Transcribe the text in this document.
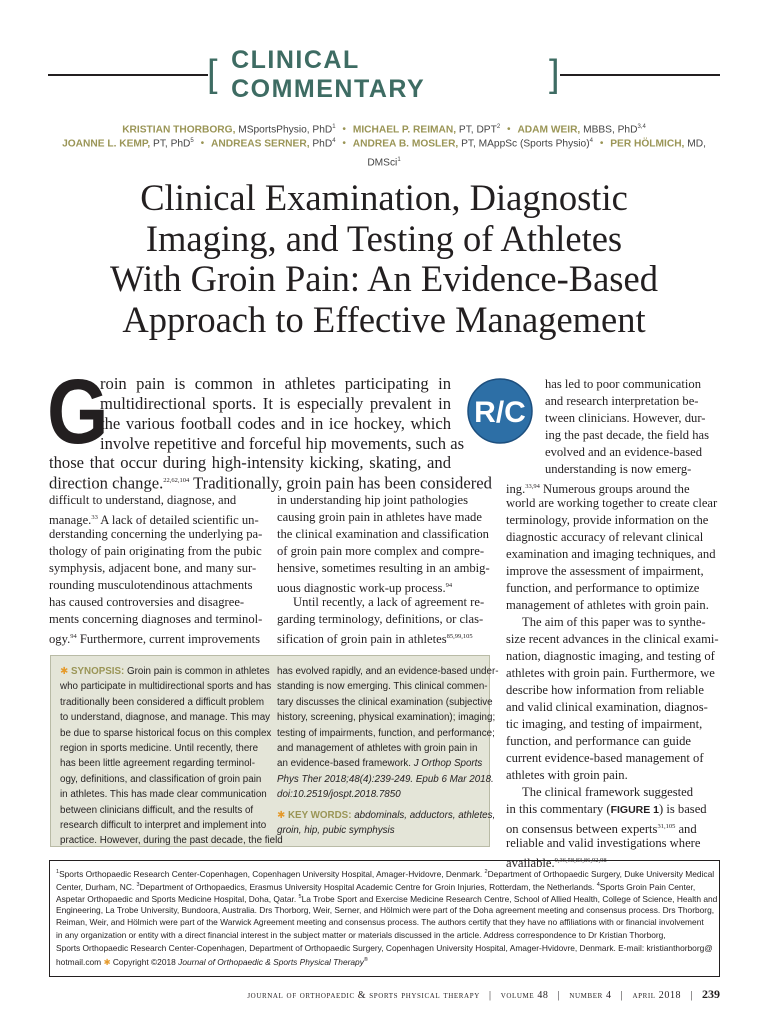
[ CLINICAL COMMENTARY	]
KRISTIAN THORBORG, MSportsPhysio, PhD$^1$ • MICHAEL P. REIMAN, PT, DPT$^2$ • ADAM WEIR, MBBS, PhD$^{3,4}$
JOANNE L. KEMP, PT, PhD$^5$ • ANDREAS SERNER, PhD$^4$ • ANDREA B. MOSLER, PT, MAppSc (Sports Physio)$^4$ • PER HÖLMICH, MD, DMSci$^1$
Clinical Examination, Diagnostic
Imaging, and Testing of Athletes
With Groin Pain: An Evidence-Based
Approach to Effective Management
G
roin pain is common in athletes participating in
multidirectional sports. It is especially prevalent in
the various football codes and in ice hockey, which
involve repetitive and forceful hip movements, such as
those that occur during high-intensity kicking, skating, and
direction change.$^{22,62,104}$ Traditionally, groin pain has been considered
R/C
difficult to understand, diagnose, and
manage.$^{33}$ A lack of detailed scientific un-
derstanding concerning the underlying pa-
thology of pain originating from the pubic
symphysis, adjacent bone, and many sur-
rounding musculotendinous attachments
has caused controversies and disagree-
ments concerning diagnoses and terminol-
ogy.$^{94}$ Furthermore, current improvements
in understanding hip joint pathologies
causing groin pain in athletes have made
the clinical examination and classification
of groin pain more complex and compre-
hensive, sometimes resulting in an ambig-
uous diagnostic work-up process.$^{94}$
Until recently, a lack of agreement re-
garding terminology, definitions, or clas-
sification of groin pain in athletes$^{85,99,105}$
has led to poor communication
and research interpretation be-
tween clinicians. However, dur-
ing the past decade, the field has
evolved and an evidence-based
understanding is now emerg-
ing.$^{33,94}$ Numerous groups around the
world are working together to create clear
terminology, provide information on the
diagnostic accuracy of relevant clinical
examination and imaging techniques, and
improve the assessment of impairment,
function, and performance to optimize
management of athletes with groin pain.
The aim of this paper was to synthe-
size recent advances in the clinical exami-
nation, diagnostic imaging, and testing of
athletes with groin pain. Furthermore, we
describe how information from reliable
and valid clinical examination, diagnos-
tic imaging, and testing of impairment,
function, and performance can guide
current evidence-based management of
athletes with groin pain.
The clinical framework suggested
in this commentary (FIGURE 1) is based
on consensus between experts$^{31,105}$ and
reliable and valid investigations where
available.$^{9,36,58,83,86,92,98}$
✱ SYNOPSIS: Groin pain is common in athletes
who participate in multidirectional sports and has
traditionally been considered a difficult problem
to understand, diagnose, and manage. This may
be due to sparse historical focus on this complex
region in sports medicine. Until recently, there
has been little agreement regarding terminol-
ogy, definitions, and classification of groin pain
in athletes. This has made clear communication
between clinicians difficult, and the results of
research difficult to interpret and implement into
practice. However, during the past decade, the field
has evolved rapidly, and an evidence-based under-
standing is now emerging. This clinical commen-
tary discusses the clinical examination (subjective
history, screening, physical examination); imaging;
testing of impairments, function, and performance;
and management of athletes with groin pain in
an evidence-based framework. J Orthop Sports
Phys Ther 2018;48(4):239-249. Epub 6 Mar 2018.
doi:10.2519/jospt.2018.7850
✱ KEY WORDS: abdominals, adductors, athletes,
groin, hip, pubic symphysis
$^1$Sports Orthopaedic Research Center-Copenhagen, Copenhagen University Hospital, Amager-Hvidovre, Denmark. $^2$Department of Orthopaedic Surgery, Duke University Medical
Center, Durham, NC. $^3$Department of Orthopaedics, Erasmus University Hospital Academic Centre for Groin Injuries, Rotterdam, the Netherlands. $^4$Sports Groin Pain Center,
Aspetar Orthopaedic and Sports Medicine Hospital, Doha, Qatar. $^5$La Trobe Sport and Exercise Medicine Research Centre, School of Allied Health, College of Science, Health and
Engineering, La Trobe University, Bundoora, Australia. Drs Thorborg, Weir, Serner, and Hölmich were part of the Doha agreement meeting and consensus process. Drs Thorborg,
Reiman, Weir, and Hölmich were part of the Warwick Agreement meeting and consensus process. The authors certify that they have no affiliations with or financial involvement
in any organization or entity with a direct financial interest in the subject matter or materials discussed in the article. Address correspondence to Dr Kristian Thorborg,
Sports Orthopaedic Research Center-Copenhagen, Department of Orthopaedic Surgery, Copenhagen University Hospital, Amager-Hvidovre, Denmark. E-mail: kristianthorborg@
hotmail.com ✱ Copyright ©2018 Journal of Orthopaedic & Sports Physical Therapy®
journal of orthopaedic & sports physical therapy | volume 48 | number 4 | april 2018 | 239
